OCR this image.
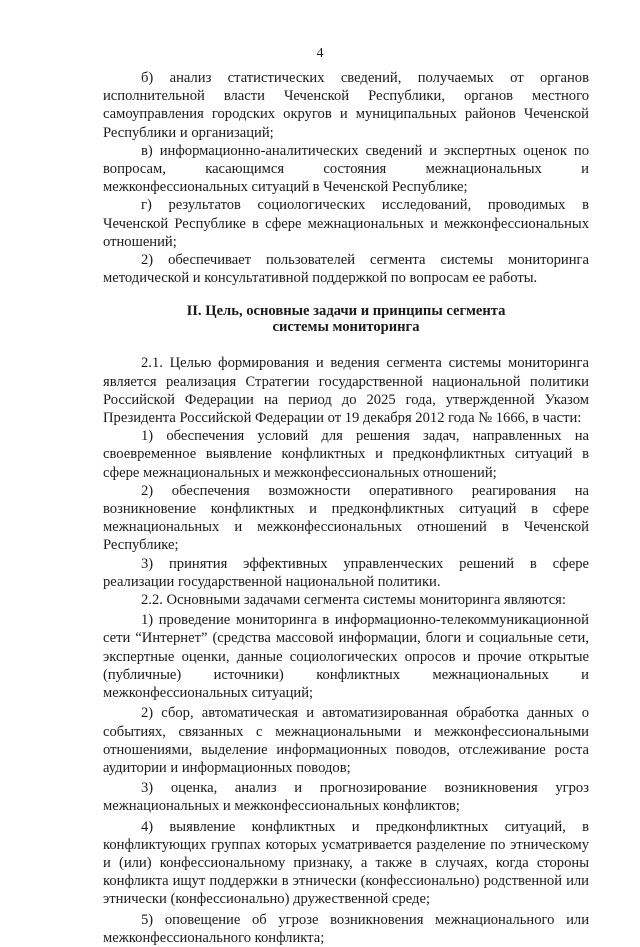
4

б) анализ статистических сведений, получаемых от органов исполнительной власти Чеченской Республики, органов местного самоуправления городских округов и муниципальных районов Чеченской Республики и организаций;

в) информационно-аналитических сведений и экспертных оценок по вопросам, касающимся состояния межнациональных и межконфессиональных ситуаций в Чеченской Республике;

г) результатов социологических исследований, проводимых в Чеченской Республике в сфере межнациональных и межконфессиональных отношений;

2) обеспечивает пользователей сегмента системы мониторинга методической и консультативной поддержкой по вопросам ее работы.

II. Цель, основные задачи и принципы сегмента
системы мониторинга

2.1. Целью формирования и ведения сегмента системы мониторинга является реализация Стратегии государственной национальной политики Российской Федерации на период до 2025 года, утвержденной Указом Президента Российской Федерации от 19 декабря 2012 года № 1666, в части:

1) обеспечения условий для решения задач, направленных на своевременное выявление конфликтных и предконфликтных ситуаций в сфере межнациональных и межконфессиональных отношений;

2) обеспечения возможности оперативного реагирования на возникновение конфликтных и предконфликтных ситуаций в сфере межнациональных и межконфессиональных отношений в Чеченской Республике;

3) принятия эффективных управленческих решений в сфере реализации государственной национальной политики.

2.2. Основными задачами сегмента системы мониторинга являются:

1) проведение мониторинга в информационно-телекоммуникационной сети “Интернет” (средства массовой информации, блоги и социальные сети, экспертные оценки, данные социологических опросов и прочие открытые (публичные) источники) конфликтных межнациональных и межконфессиональных ситуаций;

2) сбор, автоматическая и автоматизированная обработка данных о событиях, связанных с межнациональными и межконфессиональными отношениями, выделение информационных поводов, отслеживание роста аудитории и информационных поводов;

3) оценка, анализ и прогнозирование возникновения угроз межнациональных и межконфессиональных конфликтов;

4) выявление конфликтных и предконфликтных ситуаций, в конфликтующих группах которых усматривается разделение по этническому и (или) конфессиональному признаку, а также в случаях, когда стороны конфликта ищут поддержки в этнически (конфессионально) родственной или этнически (конфессионально) дружественной среде;

5) оповещение об угрозе возникновения межнационального или межконфессионального конфликта;
